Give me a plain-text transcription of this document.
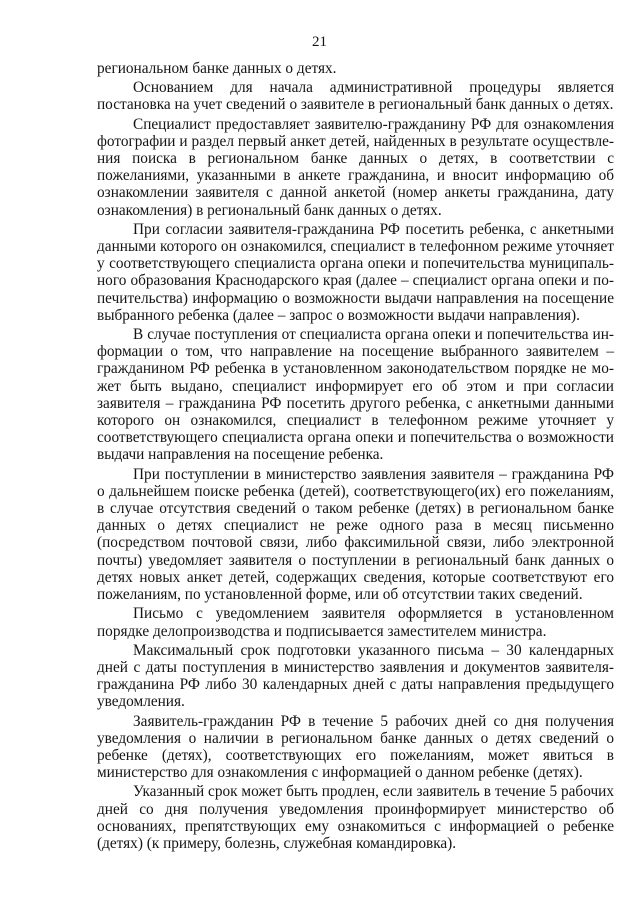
21

региональном банке данных о детях.

Основанием для начала административной процедуры является постановка на учет сведений о заявителе в региональный банк данных о детях.

Специалист предоставляет заявителю-гражданину РФ для ознакомления фотографии и раздел первый анкет детей, найденных в результате осуществления поиска в региональном банке данных о детях, в соответствии с пожеланиями, указанными в анкете гражданина, и вносит информацию об ознакомлении заявителя с данной анкетой (номер анкеты гражданина, дату ознакомления) в региональный банк данных о детях.

При согласии заявителя-гражданина РФ посетить ребенка, с анкетными данными которого он ознакомился, специалист в телефонном режиме уточняет у соответствующего специалиста органа опеки и попечительства муниципального образования Краснодарского края (далее – специалист органа опеки и попечительства) информацию о возможности выдачи направления на посещение выбранного ребенка (далее – запрос о возможности выдачи направления).

В случае поступления от специалиста органа опеки и попечительства информации о том, что направление на посещение выбранного заявителем – гражданином РФ ребенка в установленном законодательством порядке не может быть выдано, специалист информирует его об этом и при согласии заявителя – гражданина РФ посетить другого ребенка, с анкетными данными которого он ознакомился, специалист в телефонном режиме уточняет у соответствующего специалиста органа опеки и попечительства о возможности выдачи направления на посещение ребенка.

При поступлении в министерство заявления заявителя – гражданина РФ о дальнейшем поиске ребенка (детей), соответствующего(их) его пожеланиям, в случае отсутствия сведений о таком ребенке (детях) в региональном банке данных о детях специалист не реже одного раза в месяц письменно (посредством почтовой связи, либо факсимильной связи, либо электронной почты) уведомляет заявителя о поступлении в региональный банк данных о детях новых анкет детей, содержащих сведения, которые соответствуют его пожеланиям, по установленной форме, или об отсутствии таких сведений.

Письмо с уведомлением заявителя оформляется в установленном порядке делопроизводства и подписывается заместителем министра.

Максимальный срок подготовки указанного письма – 30 календарных дней с даты поступления в министерство заявления и документов заявителя-гражданина РФ либо 30 календарных дней с даты направления предыдущего уведомления.

Заявитель-гражданин РФ в течение 5 рабочих дней со дня получения уведомления о наличии в региональном банке данных о детях сведений о ребенке (детях), соответствующих его пожеланиям, может явиться в министерство для ознакомления с информацией о данном ребенке (детях).

Указанный срок может быть продлен, если заявитель в течение 5 рабочих дней со дня получения уведомления проинформирует министерство об основаниях, препятствующих ему ознакомиться с информацией о ребенке (детях) (к примеру, болезнь, служебная командировка).
